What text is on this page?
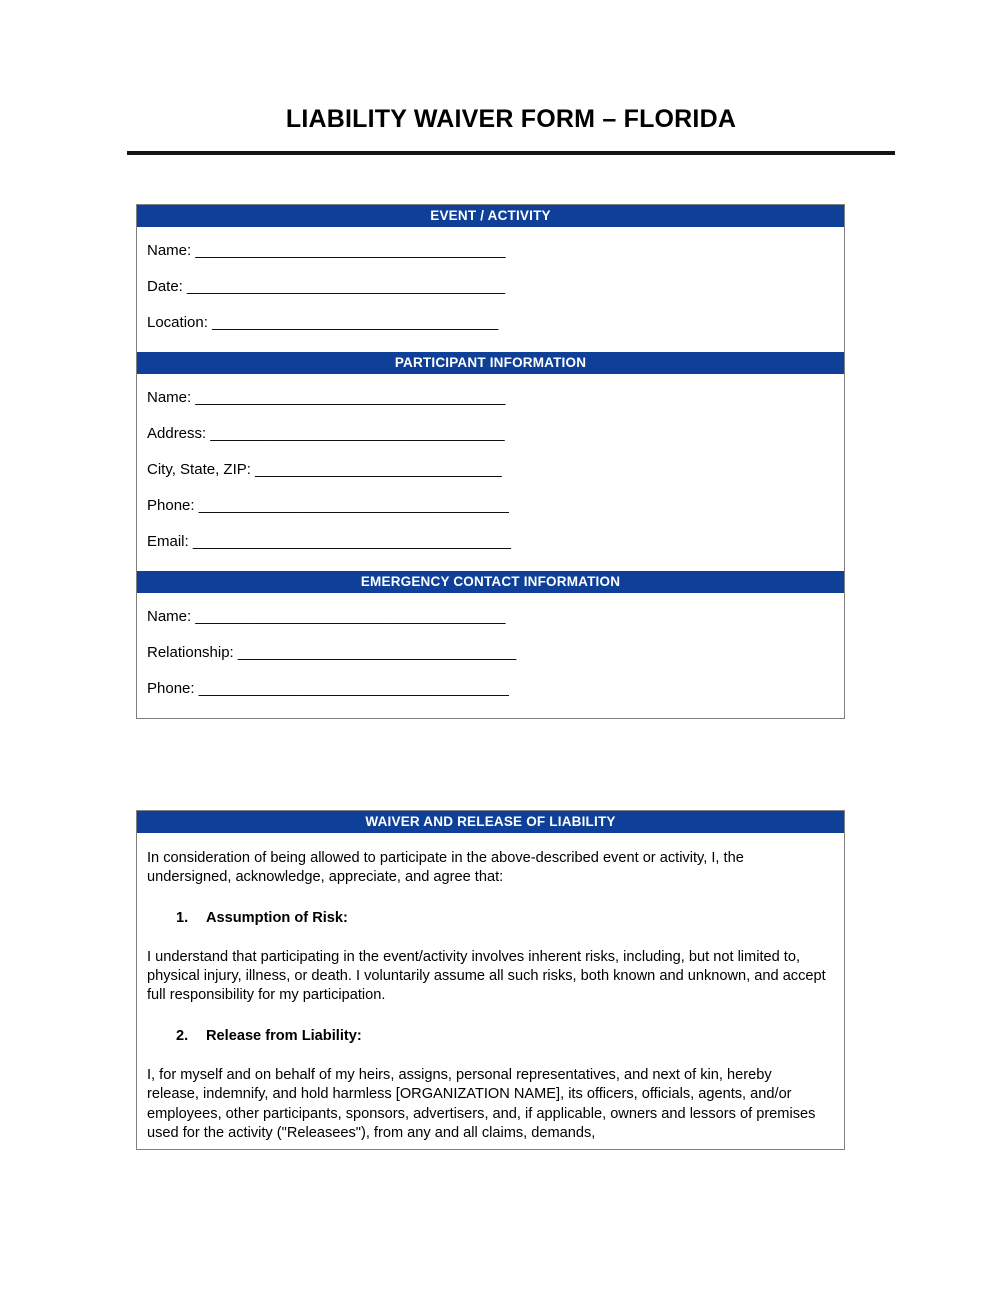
LIABILITY WAIVER FORM – FLORIDA
EVENT / ACTIVITY
Name: _______________________________________
Date: ________________________________________
Location: ____________________________________
PARTICIPANT INFORMATION
Name: _______________________________________
Address: _____________________________________
City, State, ZIP: _______________________________
Phone: _______________________________________
Email: ________________________________________
EMERGENCY CONTACT INFORMATION
Name: _______________________________________
Relationship: ___________________________________
Phone: _______________________________________
WAIVER AND RELEASE OF LIABILITY

In consideration of being allowed to participate in the above-described event or activity, I, the undersigned, acknowledge, appreciate, and agree that:

1.	Assumption of Risk:

I understand that participating in the event/activity involves inherent risks, including, but not limited to, physical injury, illness, or death. I voluntarily assume all such risks, both known and unknown, and accept full responsibility for my participation.

2.	Release from Liability:

I, for myself and on behalf of my heirs, assigns, personal representatives, and next of kin, hereby release, indemnify, and hold harmless [ORGANIZATION NAME], its officers, officials, agents, and/or employees, other participants, sponsors, advertisers, and, if applicable, owners and lessors of premises used for the activity ("Releasees"), from any and all claims, demands,
